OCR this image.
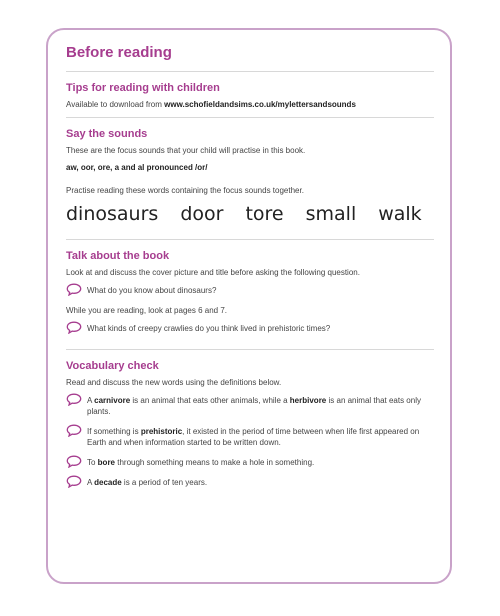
Before reading
Tips for reading with children
Available to download from www.schofieldandsims.co.uk/mylettersandsounds
Say the sounds
These are the focus sounds that your child will practise in this book.
aw, oor, ore, a and al pronounced /or/
Practise reading these words containing the focus sounds together.
dinosaurs door tore small walk
Talk about the book
Look at and discuss the cover picture and title before asking the following question.
What do you know about dinosaurs?
While you are reading, look at pages 6 and 7.
What kinds of creepy crawlies do you think lived in prehistoric times?
Vocabulary check
Read and discuss the new words using the definitions below.
A carnivore is an animal that eats other animals, while a herbivore is an animal that eats only plants.
If something is prehistoric, it existed in the period of time between when life first appeared on Earth and when information started to be written down.
To bore through something means to make a hole in something.
A decade is a period of ten years.
